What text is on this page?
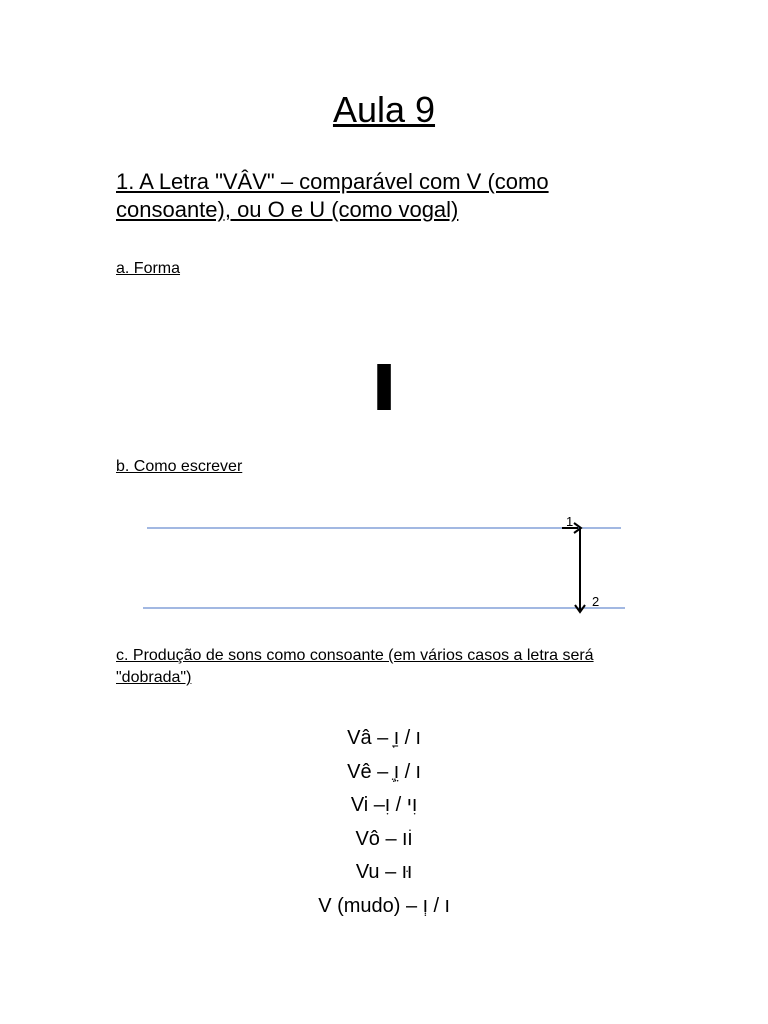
Aula 9
1. A Letra "VÂV" – comparável com V (como consoante), ou O e U (como vogal)
a. Forma
ו
b. Como escrever
1
2
c. Produção de sons como consoante (em vários casos a letra será "dobrada")
Vâ – ָו / וַ
Vê – ֶו / וֵ
Vi –וִי / וִ
Vô – וֹו
Vu – וּו
V (mudo) – ו / וְ
